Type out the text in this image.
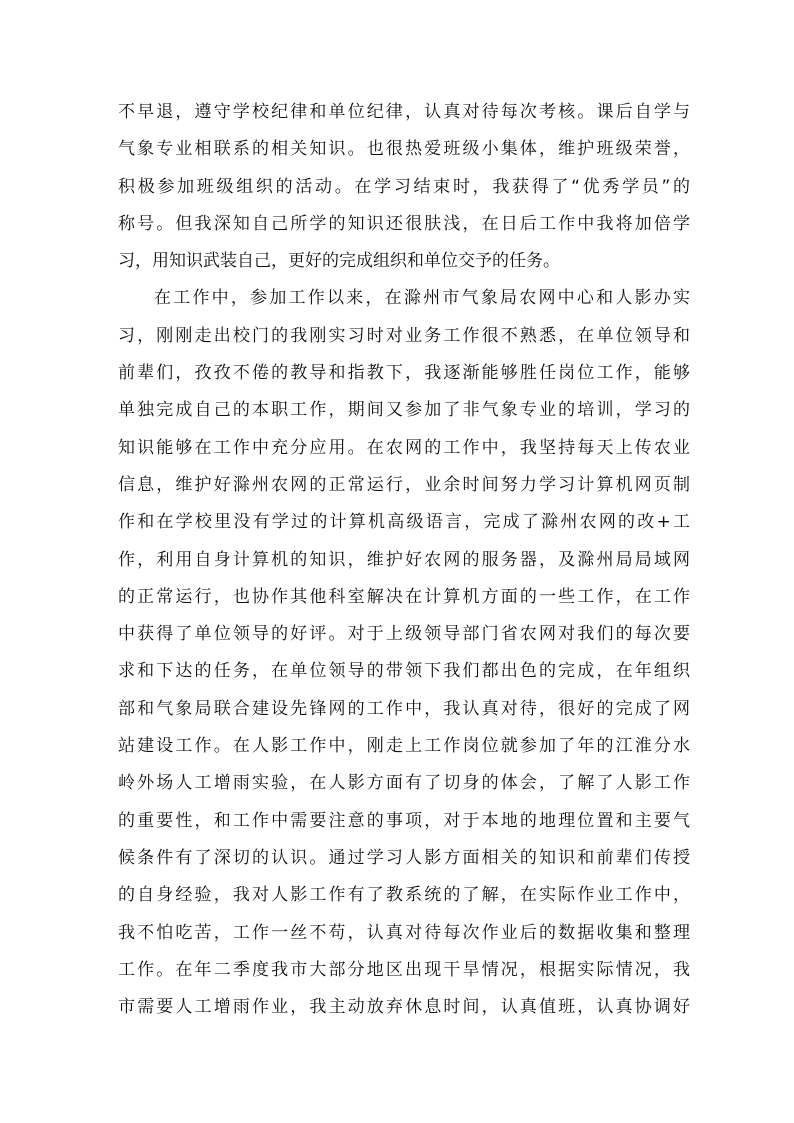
不早退，遵守学校纪律和单位纪律，认真对待每次考核。课后自学与
气象专业相联系的相关知识。也很热爱班级小集体，维护班级荣誉，
积极参加班级组织的活动。在学习结束时，我获得了“优秀学员”的
称号。但我深知自己所学的知识还很肤浅，在日后工作中我将加倍学
习，用知识武装自己，更好的完成组织和单位交予的任务。
在工作中，参加工作以来，在滁州市气象局农网中心和人影办实
习，刚刚走出校门的我刚实习时对业务工作很不熟悉，在单位领导和
前辈们，孜孜不倦的教导和指教下，我逐渐能够胜任岗位工作，能够
单独完成自己的本职工作，期间又参加了非气象专业的培训，学习的
知识能够在工作中充分应用。在农网的工作中，我坚持每天上传农业
信息，维护好滁州农网的正常运行，业余时间努力学习计算机网页制
作和在学校里没有学过的计算机高级语言，完成了滁州农网的改+工
作，利用自身计算机的知识，维护好农网的服务器，及滁州局局域网
的正常运行，也协作其他科室解决在计算机方面的一些工作，在工作
中获得了单位领导的好评。对于上级领导部门省农网对我们的每次要
求和下达的任务，在单位领导的带领下我们都出色的完成，在年组织
部和气象局联合建设先锋网的工作中，我认真对待，很好的完成了网
站建设工作。在人影工作中，刚走上工作岗位就参加了年的江淮分水
岭外场人工增雨实验，在人影方面有了切身的体会，了解了人影工作
的重要性，和工作中需要注意的事项，对于本地的地理位置和主要气
候条件有了深切的认识。通过学习人影方面相关的知识和前辈们传授
的自身经验，我对人影工作有了教系统的了解，在实际作业工作中，
我不怕吃苦，工作一丝不苟，认真对待每次作业后的数据收集和整理
工作。在年二季度我市大部分地区出现干旱情况，根据实际情况，我
市需要人工增雨作业，我主动放弃休息时间，认真值班，认真协调好
